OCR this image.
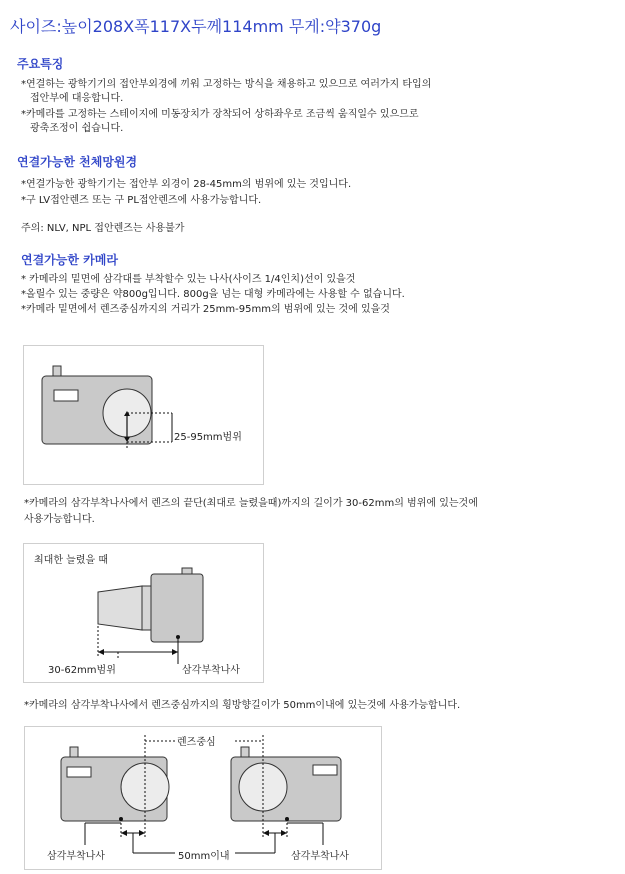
사이즈:높이208X폭117X두께114mm 무게:약370g
주요특징
*연결하는 광학기기의 접안부외경에 끼워 고정하는 방식을 채용하고 있으므로 여러가지 타입의
접안부에 대응합니다.
*카메라를 고정하는 스테이지에 미동장치가 장착되어 상하좌우로 조금씩 움직일수 있으므로
광축조정이 쉽습니다.
연결가능한 천체망원경
*연결가능한 광학기기는 접안부 외경이 28-45mm의 범위에 있는 것입니다.
*구 LV접안렌즈 또는 구 PL접안렌즈에 사용가능합니다.
주의: NLV, NPL 접안렌즈는 사용불가
연결가능한 카메라
* 카메라의 밑면에 삼각대를 부착할수 있는 나사(사이즈 1/4인치)선이 있을것
*올릴수 있는 중량은 약800g입니다. 800g을 넘는 대형 카메라에는 사용할 수 없습니다.
*카메라 밑면에서 렌즈중심까지의 거리가 25mm-95mm의 범위에 있는 것에 있을것
25-95mm범위
*카메라의 삼각부착나사에서 렌즈의 끝단(최대로 늘렸을때)까지의 길이가 30-62mm의 범위에 있는것에
사용가능합니다.
최대한 늘렸을 때
30-62mm범위	삼각부착나사
*카메라의 삼각부착나사에서 렌즈중심까지의 횡방향길이가 50mm이내에 있는것에 사용가능합니다.
렌즈중심
삼각부착나사	50mm이내	삼각부착나사
